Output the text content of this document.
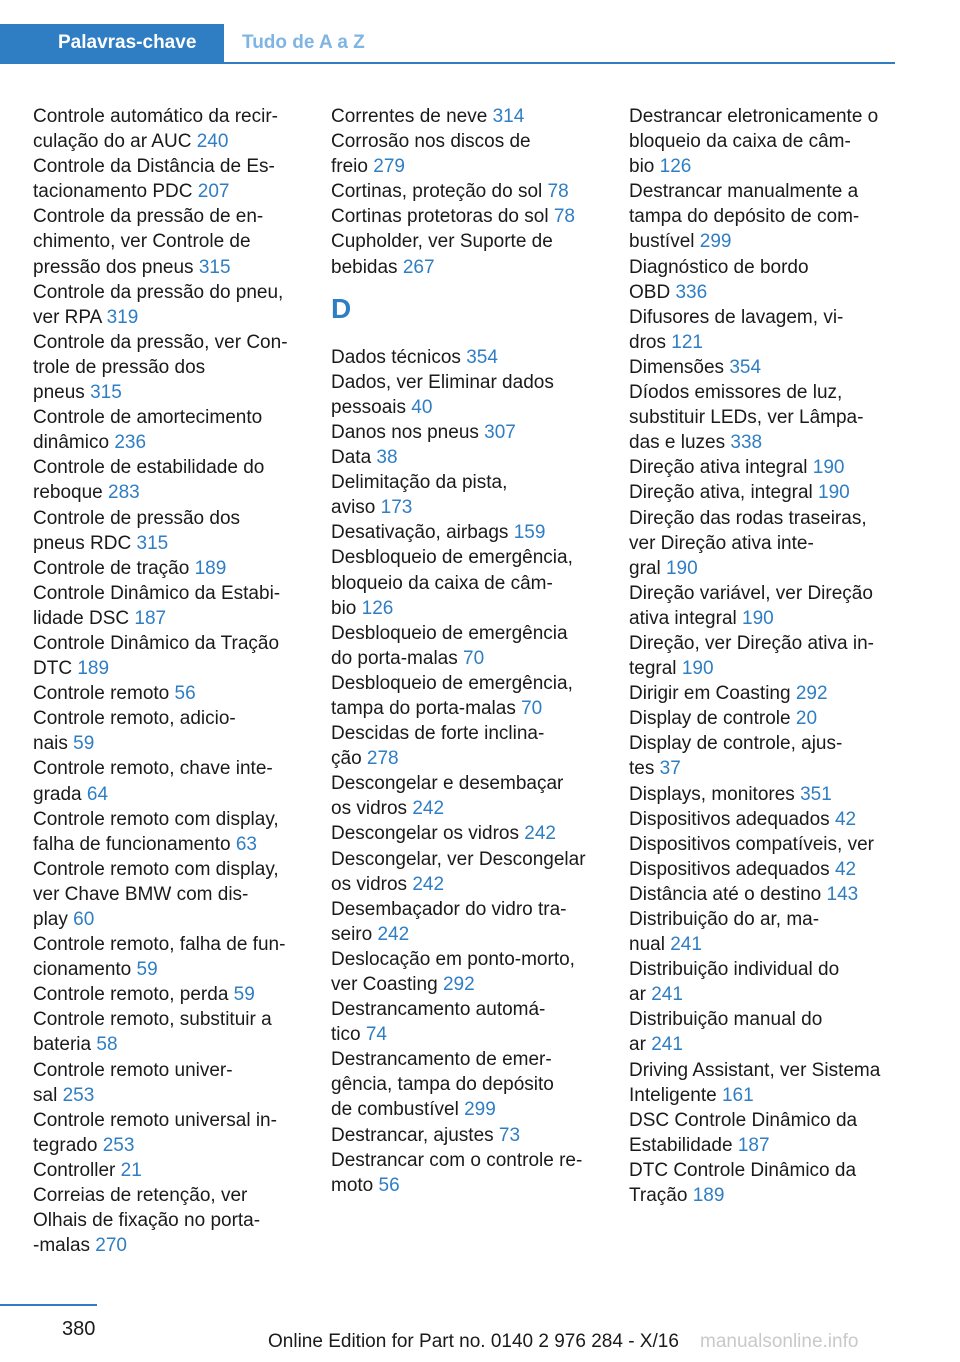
Palavras-chave	Tudo de A a Z

Controle automático da recir‐
culação do ar AUC 240

Controle da Distância de Es‐
tacionamento PDC 207

Controle da pressão de en‐
chimento, ver Controle de
pressão dos pneus 315

Controle da pressão do pneu,
ver RPA 319

Controle da pressão, ver Con‐
trole de pressão dos
pneus 315

Controle de amortecimento
dinâmico 236

Controle de estabilidade do
reboque 283

Controle de pressão dos
pneus RDC 315

Controle de tração 189

Controle Dinâmico da Estabi‐
lidade DSC 187

Controle Dinâmico da Tração
DTC 189

Controle remoto 56

Controle remoto, adicio‐
nais 59

Controle remoto, chave inte‐
grada 64

Controle remoto com display,
falha de funcionamento 63

Controle remoto com display,
ver Chave BMW com dis‐
play 60

Controle remoto, falha de fun‐
cionamento 59

Controle remoto, perda 59

Controle remoto, substituir a
bateria 58

Controle remoto univer‐
sal 253

Controle remoto universal in‐
tegrado 253

Controller 21

Correias de retenção, ver
Olhais de fixação no porta‐
-malas 270

Correntes de neve 314

Corrosão nos discos de
freio 279

Cortinas, proteção do sol 78

Cortinas protetoras do sol 78

Cupholder, ver Suporte de
bebidas 267

D

Dados técnicos 354

Dados, ver Eliminar dados
pessoais 40

Danos nos pneus 307

Data 38

Delimitação da pista,
aviso 173

Desativação, airbags 159

Desbloqueio de emergência,
bloqueio da caixa de câm‐
bio 126

Desbloqueio de emergência
do porta-malas 70

Desbloqueio de emergência,
tampa do porta-malas 70

Descidas de forte inclina‐
ção 278

Descongelar e desembaçar
os vidros 242

Descongelar os vidros 242

Descongelar, ver Descongelar
os vidros 242

Desembaçador do vidro tra‐
seiro 242

Deslocação em ponto-morto,
ver Coasting 292

Destrancamento automá‐
tico 74

Destrancamento de emer‐
gência, tampa do depósito
de combustível 299

Destrancar, ajustes 73

Destrancar com o controle re‐
moto 56

Destrancar eletronicamente o
bloqueio da caixa de câm‐
bio 126

Destrancar manualmente a
tampa do depósito de com‐
bustível 299

Diagnóstico de bordo
OBD 336

Difusores de lavagem, vi‐
dros 121

Dimensões 354

Díodos emissores de luz,
substituir LEDs, ver Lâmpa‐
das e luzes 338

Direção ativa integral 190

Direção ativa, integral 190

Direção das rodas traseiras,
ver Direção ativa inte‐
gral 190

Direção variável, ver Direção
ativa integral 190

Direção, ver Direção ativa in‐
tegral 190

Dirigir em Coasting 292

Display de controle 20

Display de controle, ajus‐
tes 37

Displays, monitores 351

Dispositivos adequados 42

Dispositivos compatíveis, ver
Dispositivos adequados 42

Distância até o destino 143

Distribuição do ar, ma‐
nual 241

Distribuição individual do
ar 241

Distribuição manual do
ar 241

Driving Assistant, ver Sistema
Inteligente 161

DSC Controle Dinâmico da
Estabilidade 187

DTC Controle Dinâmico da
Tração 189

380
Online Edition for Part no. 0140 2 976 284 - X/16 manualsonline.info
